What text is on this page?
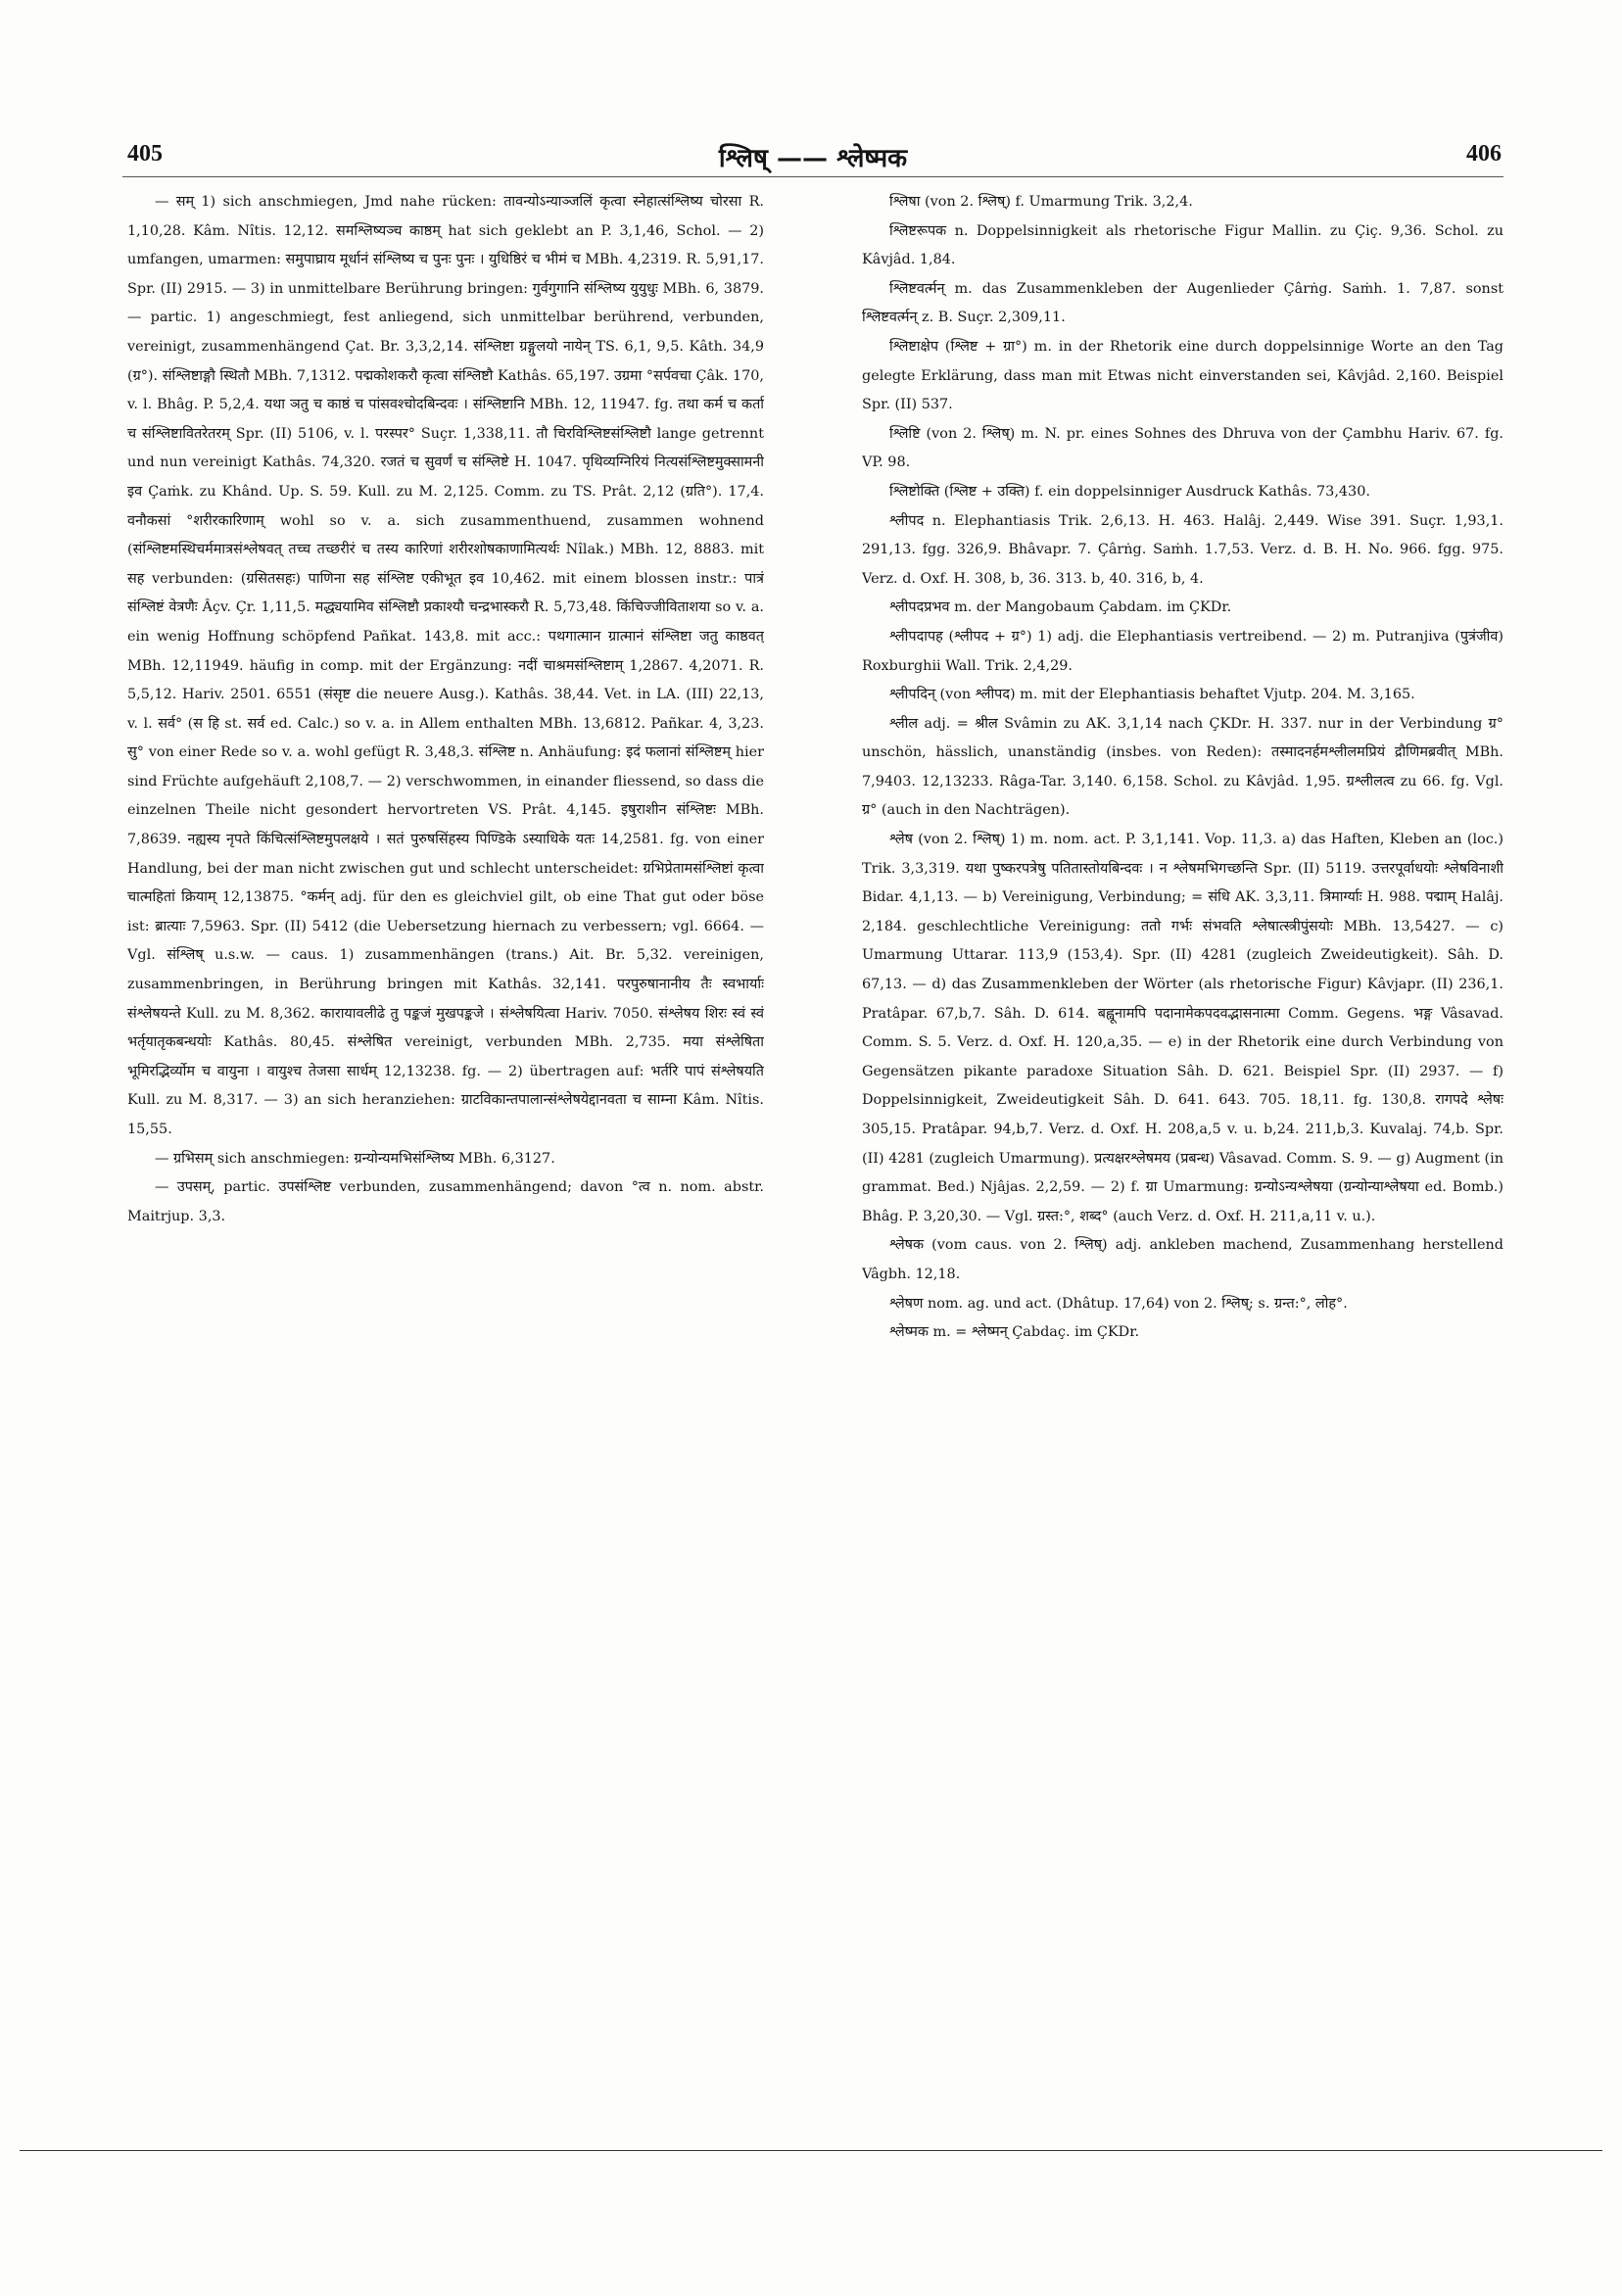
405	श्लिष् —— श्लेष्मक	406

— सम् 1) sich anschmiegen, Jmd nahe rücken: तावन्योऽन्याञ्जलिं कृत्वा स्नेहात्संश्लिष्य चोरसा R. 1,10,28. Kâm. Nîtis. 12,12. समश्लिष्यञ्च काष्ठम् hat sich geklebt an P. 3,1,46, Schol. — 2) umfangen, umarmen: समुपाघ्राय मूर्धानं संश्लिष्य च पुनः पुनः । युधिष्ठिरं च भीमं च MBh. 4,2319. R. 5,91,17. Spr. (II) 2915. — 3) in unmittelbare Berührung bringen: गुर्वगुगानि संश्लिष्य युयुधुः MBh. 6, 3879. — partic. 1) angeschmiegt, fest anliegend, sich unmittelbar berührend, verbunden, vereinigt, zusammenhängend Çat. Br. 3,3,2,14. संश्लिष्टा ग्रङ्गुलयो नायेन् TS. 6,1, 9,5. Kâth. 34,9 (ग्र°). संश्लिष्टाङ्गौ स्थितौ MBh. 7,1312. पद्मकोशकरौ कृत्वा संश्लिष्टौ Kathâs. 65,197. उग्रमा °सर्पवचा Çâk. 170, v. l. Bhâg. P. 5,2,4. यथा ञतु च काष्ठं च पांसवश्चोदबिन्दवः । संश्लिष्टानि MBh. 12, 11947. fg. तथा कर्म च कर्ता च संश्लिष्टावितरेतरम् Spr. (II) 5106, v. l. परस्पर° Suçr. 1,338,11. तौ चिरविश्लिष्टसंश्लिष्टौ lange getrennt und nun vereinigt Kathâs. 74,320. रजतं च सुवर्णं च संश्लिष्टे H. 1047. पृथिव्यग्निरियं नित्यसंश्लिष्टमुक्सामनी इव Çaṁk. zu Khând. Up. S. 59. Kull. zu M. 2,125. Comm. zu TS. Prât. 2,12 (ग्रति°). 17,4. वनौकसां °शरीरकारिणाम् wohl so v. a. sich zusammenthuend, zusammen wohnend (संश्लिष्टमस्थिचर्ममात्रसंश्लेषवत् तच्च तच्छरीरं च तस्य कारिणां शरीरशोषकाणामित्यर्थः Nîlak.) MBh. 12, 8883. mit सह verbunden: (ग्रसितसहः) पाणिना सह संश्लिष्ट एकीभूत इव 10,462. mit einem blossen instr.: पात्रं संश्लिष्टं वेत्रणैः Âçv. Çr. 1,11,5. मद्ध्ययामिव संश्लिष्टौ प्रकाश्यौ चन्द्रभास्करौ R. 5,73,48. किंचिज्जीविताशया so v. a. ein wenig Hoffnung schöpfend Pañkat. 143,8. mit acc.: पथगात्मान ग्रात्मानं संश्लिष्टा जतु काष्ठवत् MBh. 12,11949. häufig in comp. mit der Ergänzung: नदीं चाश्रमसंश्लिष्टाम् 1,2867. 4,2071. R. 5,5,12. Hariv. 2501. 6551 (संसृष्ट die neuere Ausg.). Kathâs. 38,44. Vet. in LA. (III) 22,13, v. l. सर्व° (स हि st. सर्व ed. Calc.) so v. a. in Allem enthalten MBh. 13,6812. Pañkar. 4, 3,23. सु° von einer Rede so v. a. wohl gefügt R. 3,48,3. संश्लिष्ट n. Anhäufung: इदं फलानां संश्लिष्टम् hier sind Früchte aufgehäuft 2,108,7. — 2) verschwommen, in einander fliessend, so dass die einzelnen Theile nicht gesondert hervortreten VS. Prât. 4,145. इषुराशीन संश्लिष्टः MBh. 7,8639. नह्यस्य नृपते किंचित्संश्लिष्टमुपलक्षये । सतं पुरुषसिंहस्य पिण्डिके ऽस्याधिके यतः 14,2581. fg. von einer Handlung, bei der man nicht zwischen gut und schlecht unterscheidet: ग्रभिप्रेतामसंश्लिष्टां कृत्वा चात्महितां क्रियाम् 12,13875. °कर्मन् adj. für den es gleichviel gilt, ob eine That gut oder böse ist: ब्रात्याः 7,5963. Spr. (II) 5412 (die Uebersetzung hiernach zu verbessern; vgl. 6664. — Vgl. संश्लिष् u.s.w. — caus. 1) zusammenhängen (trans.) Ait. Br. 5,32. vereinigen, zusammenbringen, in Berührung bringen mit Kathâs. 32,141. परपुरुषानानीय तैः स्वभार्याः संश्लेषयन्ते Kull. zu M. 8,362. कारायावलीढे तु पङ्कजं मुखपङ्कजे । संश्लेषयित्वा Hariv. 7050. संश्लेषय शिरः स्वं स्वं भर्तृयातृकबन्धयोः Kathâs. 80,45. संश्लेषित vereinigt, verbunden MBh. 2,735. मया संश्लेषिता भूमिरद्भिर्व्योम च वायुना । वायुश्च तेजसा सार्धम् 12,13238. fg. — 2) übertragen auf: भर्तरि पापं संश्लेषयति Kull. zu M. 8,317. — 3) an sich heranziehen: ग्राटविकान्तपालान्संश्लेषयेद्दानवता च साम्ना Kâm. Nîtis. 15,55.

— ग्रभिसम् sich anschmiegen: ग्रन्योन्यमभिसंश्लिष्य MBh. 6,3127.

— उपसम्, partic. उपसंश्लिष्ट verbunden, zusammenhängend; davon °त्व n. nom. abstr. Maitrjup. 3,3.

श्लिषा (von 2. श्लिष्) f. Umarmung Trik. 3,2,4.

श्लिष्टरूपक n. Doppelsinnigkeit als rhetorische Figur Mallin. zu Çiç. 9,36. Schol. zu Kâvjâd. 1,84.

श्लिष्टवर्त्मन् m. das Zusammenkleben der Augenlieder Çârṅg. Saṁh. 1. 7,87. sonst श्लिष्टवर्त्मन् z. B. Suçr. 2,309,11.

श्लिष्टाक्षेप (श्लिष्ट + ग्रा°) m. in der Rhetorik eine durch doppelsinnige Worte an den Tag gelegte Erklärung, dass man mit Etwas nicht einverstanden sei, Kâvjâd. 2,160. Beispiel Spr. (II) 537.

श्लिष्टि (von 2. श्लिष्) m. N. pr. eines Sohnes des Dhruva von der Çambhu Hariv. 67. fg. VP. 98.

श्लिष्टोक्ति (श्लिष्ट + उक्ति) f. ein doppelsinniger Ausdruck Kathâs. 73,430.

श्लीपद n. Elephantiasis Trik. 2,6,13. H. 463. Halâj. 2,449. Wise 391. Suçr. 1,93,1. 291,13. fgg. 326,9. Bhâvapr. 7. Çârṅg. Saṁh. 1.7,53. Verz. d. B. H. No. 966. fgg. 975. Verz. d. Oxf. H. 308, b, 36. 313. b, 40. 316, b, 4.

श्लीपदप्रभव m. der Mangobaum Çabdam. im ÇKDr.

श्लीपदापह (श्लीपद + ग्र°) 1) adj. die Elephantiasis vertreibend. — 2) m. Putranjiva (पुत्रंजीव) Roxburghii Wall. Trik. 2,4,29.

श्लीपदिन् (von श्लीपद) m. mit der Elephantiasis behaftet Vjutp. 204. M. 3,165.

श्लील adj. = श्रील Svâmin zu AK. 3,1,14 nach ÇKDr. H. 337. nur in der Verbindung ग्र° unschön, hässlich, unanständig (insbes. von Reden): तस्मादनर्हमश्लीलमप्रियं द्रौणिमब्रवीत् MBh. 7,9403. 12,13233. Râga-Tar. 3,140. 6,158. Schol. zu Kâvjâd. 1,95. ग्रश्लीलत्व zu 66. fg. Vgl. ग्र° (auch in den Nachträgen).

श्लेष (von 2. श्लिष्) 1) m. nom. act. P. 3,1,141. Vop. 11,3. a) das Haften, Kleben an (loc.) Trik. 3,3,319. यथा पुष्करपत्रेषु पतितास्तोयबिन्दवः । न श्लेषमभिगच्छन्ति Spr. (II) 5119. उत्तरपूर्वाधयोः श्लेषविनाशी Bidar. 4,1,13. — b) Vereinigung, Verbindung; = संधि AK. 3,3,11. त्रिमार्ग्याः H. 988. पद्माम् Halâj. 2,184. geschlechtliche Vereinigung: ततो गर्भः संभवति श्लेषात्स्त्रीपुंसयोः MBh. 13,5427. — c) Umarmung Uttarar. 113,9 (153,4). Spr. (II) 4281 (zugleich Zweideutigkeit). Sâh. D. 67,13. — d) das Zusammenkleben der Wörter (als rhetorische Figur) Kâvjapr. (II) 236,1. Pratâpar. 67,b,7. Sâh. D. 614. बह्वूनामपि पदानामेकपदवद्भासनात्मा Comm. Gegens. भङ्ग Vâsavad. Comm. S. 5. Verz. d. Oxf. H. 120,a,35. — e) in der Rhetorik eine durch Verbindung von Gegensätzen pikante paradoxe Situation Sâh. D. 621. Beispiel Spr. (II) 2937. — f) Doppelsinnigkeit, Zweideutigkeit Sâh. D. 641. 643. 705. 18,11. fg. 130,8. रागपदे श्लेषः 305,15. Pratâpar. 94,b,7. Verz. d. Oxf. H. 208,a,5 v. u. b,24. 211,b,3. Kuvalaj. 74,b. Spr. (II) 4281 (zugleich Umarmung). प्रत्यक्षरश्लेषमय (प्रबन्ध) Vâsavad. Comm. S. 9. — g) Augment (in grammat. Bed.) Njâjas. 2,2,59. — 2) f. ग्रा Umarmung: ग्रन्योऽन्यश्लेषया (ग्रन्योन्याश्लेषया ed. Bomb.) Bhâg. P. 3,20,30. — Vgl. ग्रस्त:°, शब्द° (auch Verz. d. Oxf. H. 211,a,11 v. u.).

श्लेषक (vom caus. von 2. श्लिष्) adj. ankleben machend, Zusammenhang herstellend Vâgbh. 12,18.

श्लेषण nom. ag. und act. (Dhâtup. 17,64) von 2. श्लिष्; s. ग्रन्त:°, लोह°.

श्लेष्मक m. = श्लेष्मन् Çabdaç. im ÇKDr.
